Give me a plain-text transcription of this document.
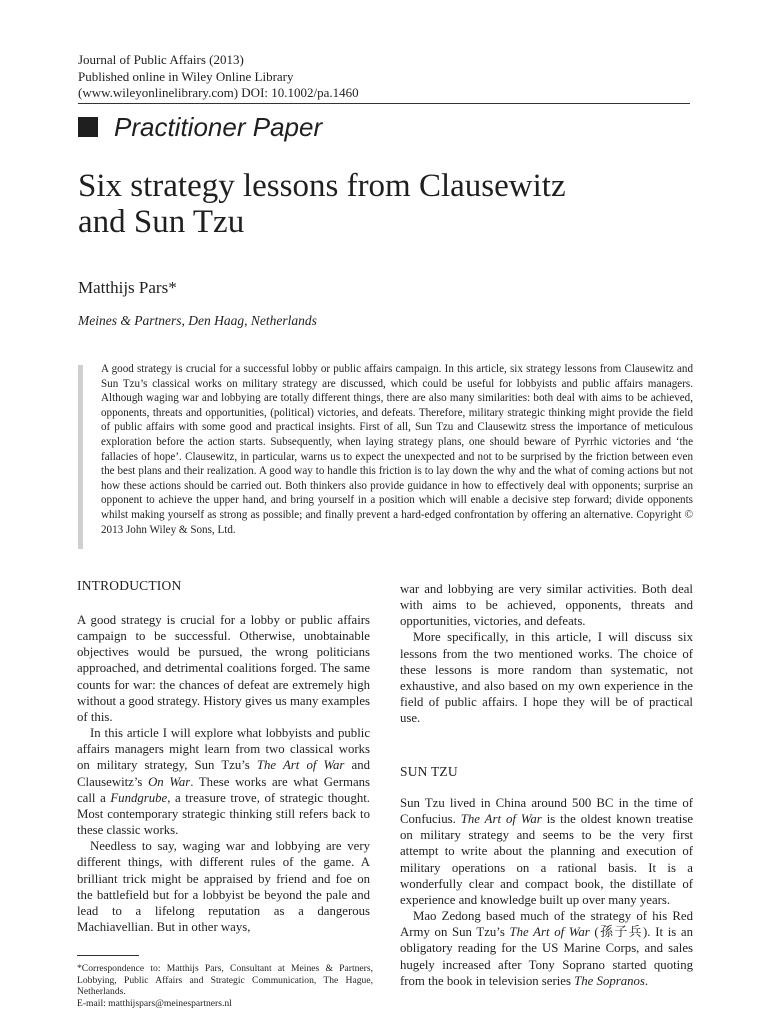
Journal of Public Affairs (2013)
Published online in Wiley Online Library
(www.wileyonlinelibrary.com) DOI: 10.1002/pa.1460
Practitioner Paper
Six strategy lessons from Clausewitz
and Sun Tzu
Matthijs Pars*
Meines & Partners, Den Haag, Netherlands
A good strategy is crucial for a successful lobby or public affairs campaign. In this article, six strategy lessons from Clausewitz and Sun Tzu’s classical works on military strategy are discussed, which could be useful for lobbyists and public affairs managers. Although waging war and lobbying are totally different things, there are also many similarities: both deal with aims to be achieved, opponents, threats and opportunities, (political) victories, and defeats. Therefore, military strategic thinking might provide the field of public affairs with some good and practical insights. First of all, Sun Tzu and Clausewitz stress the importance of meticulous exploration before the action starts. Subsequently, when laying strategy plans, one should beware of Pyrrhic victories and ‘the fallacies of hope’. Clausewitz, in particular, warns us to expect the unexpected and not to be surprised by the friction between even the best plans and their realization. A good way to handle this friction is to lay down the why and the what of coming actions but not how these actions should be carried out. Both thinkers also provide guidance in how to effectively deal with opponents; surprise an opponent to achieve the upper hand, and bring yourself in a position which will enable a decisive step forward; divide opponents whilst making yourself as strong as possible; and finally prevent a hard-edged confrontation by offering an alternative. Copyright © 2013 John Wiley & Sons, Ltd.
INTRODUCTION

A good strategy is crucial for a lobby or public affairs campaign to be successful. Otherwise, unobtainable objectives would be pursued, the wrong politicians approached, and detrimental coalitions forged. The same counts for war: the chances of defeat are extremely high without a good strategy. History gives us many examples of this.

In this article I will explore what lobbyists and public affairs managers might learn from two classical works on military strategy, Sun Tzu’s The Art of War and Clausewitz’s On War. These works are what Germans call a Fundgrube, a treasure trove, of strategic thought. Most contemporary strategic thinking still refers back to these classic works.

Needless to say, waging war and lobbying are very different things, with different rules of the game. A brilliant trick might be appraised by friend and foe on the battlefield but for a lobbyist be beyond the pale and lead to a lifelong reputation as a dangerous Machiavellian. But in other ways,

war and lobbying are very similar activities. Both deal with aims to be achieved, opponents, threats and opportunities, victories, and defeats.

More specifically, in this article, I will discuss six lessons from the two mentioned works. The choice of these lessons is more random than systematic, not exhaustive, and also based on my own experience in the field of public affairs. I hope they will be of practical use.

SUN TZU

Sun Tzu lived in China around 500 BC in the time of Confucius. The Art of War is the oldest known treatise on military strategy and seems to be the very first attempt to write about the planning and execution of military operations on a rational basis. It is a wonderfully clear and compact book, the distillate of experience and knowledge built up over many years.

Mao Zedong based much of the strategy of his Red Army on Sun Tzu’s The Art of War (孫子兵). It is an obligatory reading for the US Marine Corps, and sales hugely increased after Tony Soprano started quoting from the book in television series The Sopranos.

*Correspondence to: Matthijs Pars, Consultant at Meines & Partners, Lobbying, Public Affairs and Strategic Communication, The Hague, Netherlands.
E-mail: matthijspars@meinespartners.nl
